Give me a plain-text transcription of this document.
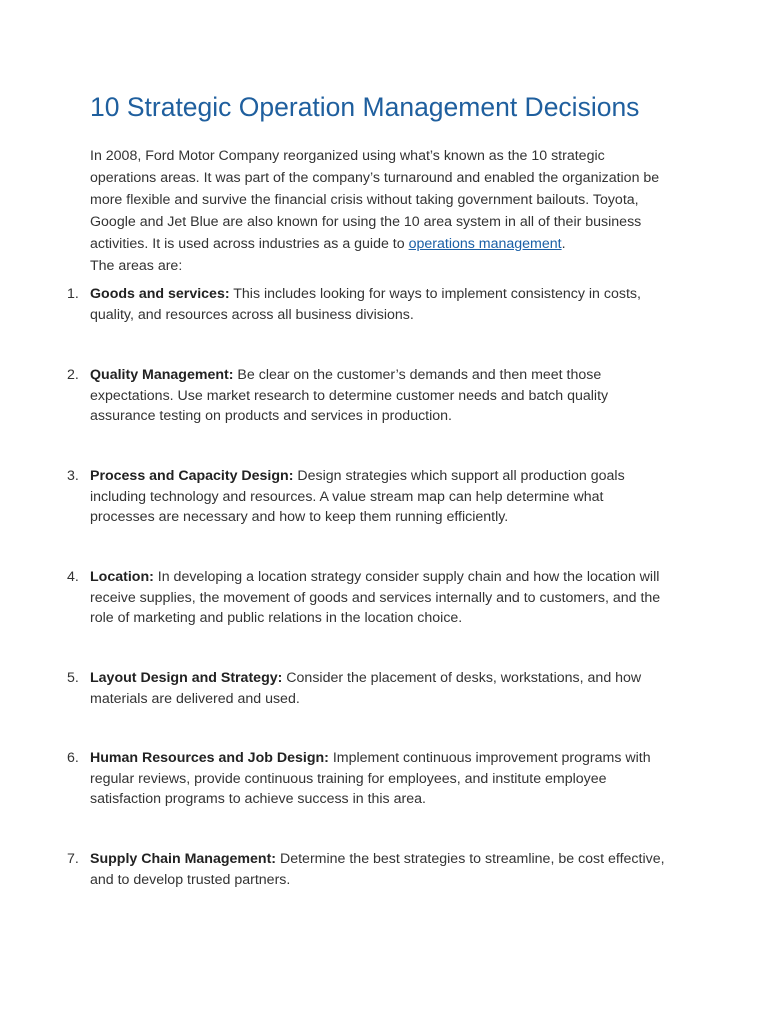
10 Strategic Operation Management Decisions
In 2008, Ford Motor Company reorganized using what’s known as the 10 strategic
operations areas. It was part of the company’s turnaround and enabled the organization be
more flexible and survive the financial crisis without taking government bailouts. Toyota,
Google and Jet Blue are also known for using the 10 area system in all of their business
activities. It is used across industries as a guide to operations management.
The areas are:
1. Goods and services: This includes looking for ways to implement consistency in costs,
quality, and resources across all business divisions.
2. Quality Management: Be clear on the customer’s demands and then meet those
expectations. Use market research to determine customer needs and batch quality
assurance testing on products and services in production.
3. Process and Capacity Design: Design strategies which support all production goals
including technology and resources. A value stream map can help determine what
processes are necessary and how to keep them running efficiently.
4. Location: In developing a location strategy consider supply chain and how the location will
receive supplies, the movement of goods and services internally and to customers, and the
role of marketing and public relations in the location choice.
5. Layout Design and Strategy: Consider the placement of desks, workstations, and how
materials are delivered and used.
6. Human Resources and Job Design: Implement continuous improvement programs with
regular reviews, provide continuous training for employees, and institute employee
satisfaction programs to achieve success in this area.
7. Supply Chain Management: Determine the best strategies to streamline, be cost effective,
and to develop trusted partners.
